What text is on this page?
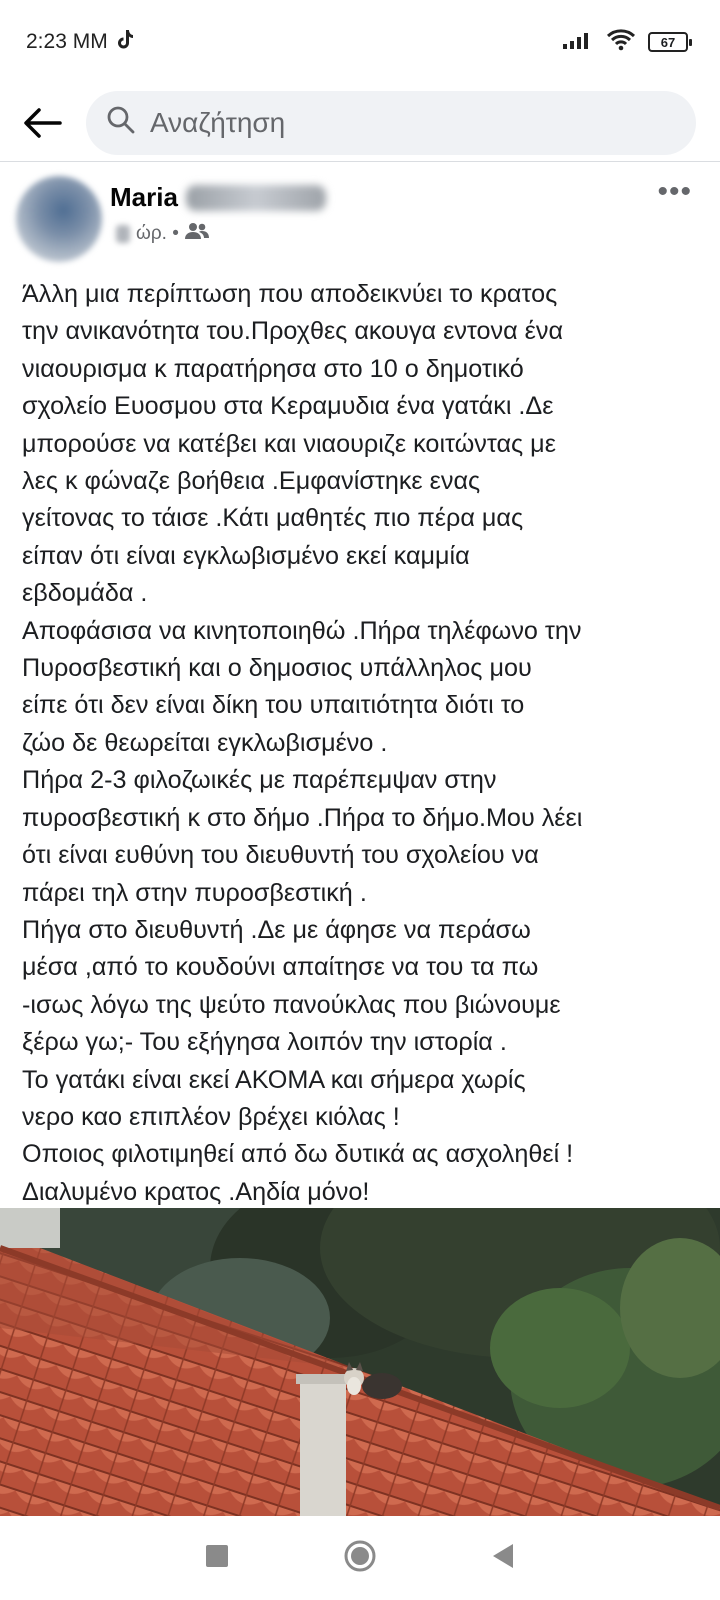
2:23 ΜΜ	67
Αναζήτηση
Maria
ώρ. •
•••
Άλλη μια περίπτωση που αποδεικνύει το κρατος
την ανικανότητα του.Προχθες ακουγα εντονα ένα
νιαουρισμα κ παρατήρησα στο 10 ο δημοτικό
σχολείο Ευοσμου στα Κεραμυδια ένα γατάκι .Δε
μπορούσε να κατέβει και νιαουριζε κοιτώντας με
λες κ φώναζε βοήθεια .Εμφανίστηκε ενας
γείτονας το τάισε .Κάτι μαθητές πιο πέρα μας
είπαν ότι είναι εγκλωβισμένο εκεί καμμία
εβδομάδα .
Αποφάσισα να κινητοποιηθώ .Πήρα τηλέφωνο την
Πυροσβεστική και ο δημοσιος υπάλληλος μου
είπε ότι δεν είναι δίκη του υπαιτιότητα διότι το
ζώο δε θεωρείται εγκλωβισμένο .
Πήρα 2-3 φιλοζωικές με παρέπεμψαν στην
πυροσβεστική κ στο δήμο .Πήρα το δήμο.Μου λέει
ότι είναι ευθύνη του διευθυντή του σχολείου να
πάρει τηλ στην πυροσβεστική .
Πήγα στο διευθυντή .Δε με άφησε να περάσω
μέσα ,από το κουδούνι απαίτησε να του τα πω
-ισως λόγω της ψεύτο πανούκλας που βιώνουμε
ξέρω γω;- Του εξήγησα λοιπόν την ιστορία .
Το γατάκι είναι εκεί ΑΚΟΜΑ και σήμερα χωρίς
νερο καο επιπλέον βρέχει κιόλας !
Οποιος φιλοτιμηθεί από δω δυτικά ας ασχοληθεί !
Διαλυμένο κρατος .Αηδία μόνο!
